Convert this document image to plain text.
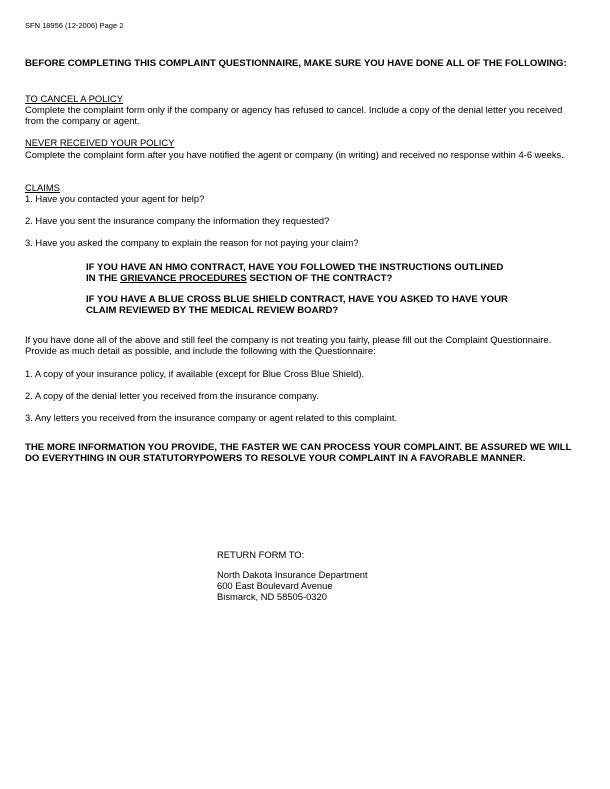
SFN 18956 (12-2006) Page 2
BEFORE COMPLETING THIS COMPLAINT QUESTIONNAIRE, MAKE SURE YOU HAVE DONE ALL OF THE FOLLOWING:
TO CANCEL A POLICY
Complete the complaint form only if the company or agency has refused to cancel. Include a copy of the denial letter you received from the company or agent.
NEVER RECEIVED YOUR POLICY
Complete the complaint form after you have notified the agent or company (in writing) and received no response within 4-6 weeks.
CLAIMS
1. Have you contacted your agent for help?
2. Have you sent the insurance company the information they requested?
3. Have you asked the company to explain the reason for not paying your claim?
IF YOU HAVE AN HMO CONTRACT, HAVE YOU FOLLOWED THE INSTRUCTIONS OUTLINED
IN THE GRIEVANCE PROCEDURES SECTION OF THE CONTRACT?
IF YOU HAVE A BLUE CROSS BLUE SHIELD CONTRACT, HAVE YOU ASKED TO HAVE YOUR CLAIM REVIEWED BY THE MEDICAL REVIEW BOARD?
If you have done all of the above and still feel the company is not treating you fairly, please fill out the Complaint Questionnaire. Provide as much detail as possible, and include the following with the Questionnaire:
1. A copy of your insurance policy, if available (except for Blue Cross Blue Shield).
2. A copy of the denial letter you received from the insurance company.
3. Any letters you received from the insurance company or agent related to this complaint.
THE MORE INFORMATION YOU PROVIDE, THE FASTER WE CAN PROCESS YOUR COMPLAINT. BE ASSURED WE WILL DO EVERYTHING IN OUR STATUTORYPOWERS TO RESOLVE YOUR COMPLAINT IN A FAVORABLE MANNER.
RETURN FORM TO:
North Dakota Insurance Department
600 East Boulevard Avenue
Bismarck, ND 58505-0320
